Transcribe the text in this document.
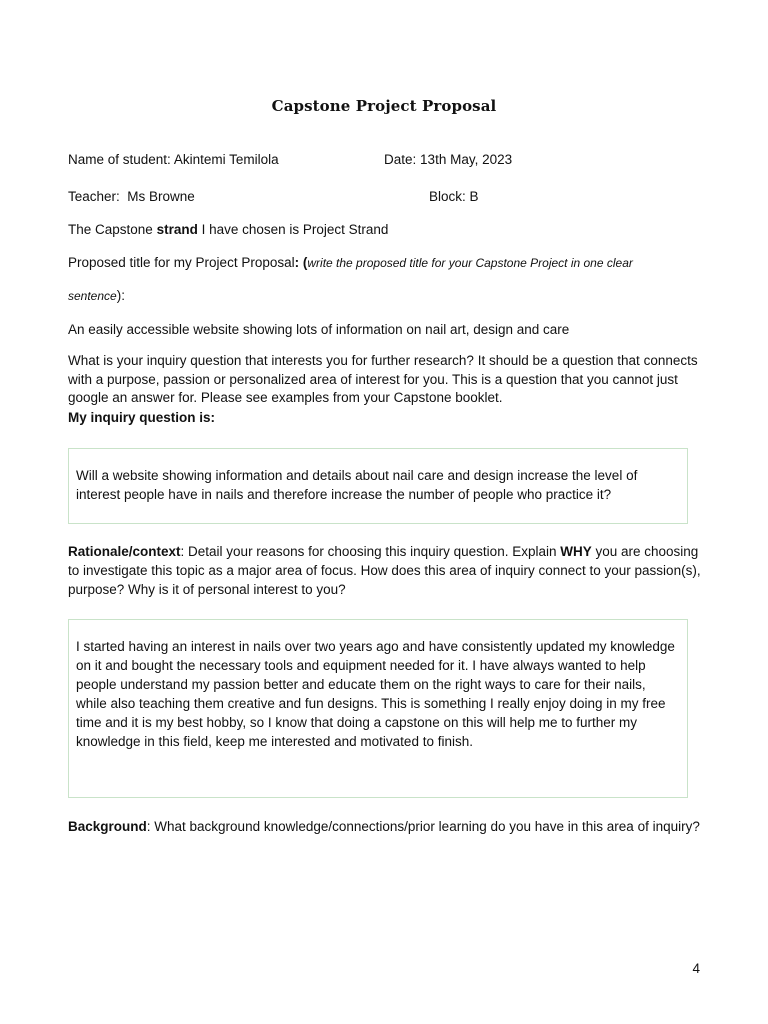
Capstone Project Proposal
Name of student: Akintemi Temilola	Date: 13th May, 2023
Teacher: Ms Browne	Block: B
The Capstone strand I have chosen is Project Strand
Proposed title for my Project Proposal: (write the proposed title for your Capstone Project in one clear
sentence):
An easily accessible website showing lots of information on nail art, design and care
What is your inquiry question that interests you for further research? It should be a question that connects with a purpose, passion or personalized area of interest for you. This is a question that you cannot just google an answer for. Please see examples from your Capstone booklet.
My inquiry question is:
Will a website showing information and details about nail care and design increase the level of interest people have in nails and therefore increase the number of people who practice it?
Rationale/context: Detail your reasons for choosing this inquiry question. Explain WHY you are choosing to investigate this topic as a major area of focus. How does this area of inquiry connect to your passion(s), purpose? Why is it of personal interest to you?
I started having an interest in nails over two years ago and have consistently updated my knowledge on it and bought the necessary tools and equipment needed for it. I have always wanted to help people understand my passion better and educate them on the right ways to care for their nails, while also teaching them creative and fun designs. This is something I really enjoy doing in my free time and it is my best hobby, so I know that doing a capstone on this will help me to further my knowledge in this field, keep me interested and motivated to finish.
Background: What background knowledge/connections/prior learning do you have in this area of inquiry?
4
